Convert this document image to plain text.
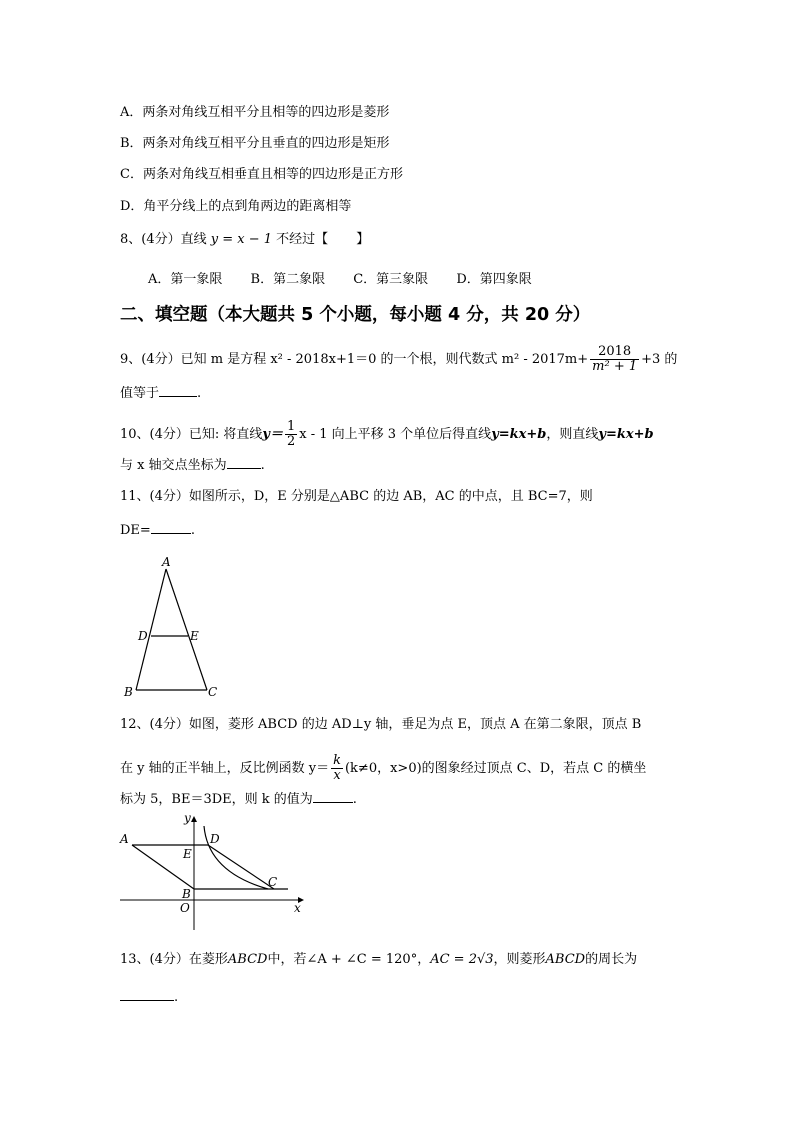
A．两条对角线互相平分且相等的四边形是菱形
B．两条对角线互相平分且垂直的四边形是矩形
C．两条对角线互相垂直且相等的四边形是正方形
D．角平分线上的点到角两边的距离相等
8、(4分）直线 y = x − 1 不经过【 】
A．第一象限 B．第二象限 C．第三象限 D．第四象限
二、填空题（本大题共 5 个小题，每小题 4 分，共 20 分）
9、(4分）已知 m 是方程 x² - 2018x+1＝0 的一个根，则代数式 $m^2 - 2017m+ \frac{2018}{\text{m² + 1}} +3$ 的
值等于	.
10、(4分）已知: 将直线$y= \frac{1}{2}$ x - 1 向上平移 3 个单位后得直线y=kx+b，则直线y=kx+b
与 x 轴交点坐标为	.
11、(4分）如图所示，D，E 分别是△ABC 的边 AB，AC 的中点，且 BC=7，则
DE=	.
A
D	E
B	C
12、(4分）如图，菱形 ABCD 的边 AD⊥y 轴，垂足为点 E，顶点 A 在第二象限，顶点 B
在 y 轴的正半轴上，反比例函数 $y= \frac{k}{x} (k\ne 0$，x>0)的图象经过顶点 C、D，若点 C 的横坐
标为 5，BE＝3DE，则 k 的值为	.
y
x
A	D
E
B
C
O
13、(4分）在菱形ABCD中，若∠A + ∠C = 120°，AC = 2√3，则菱形ABCD的周长为
.
